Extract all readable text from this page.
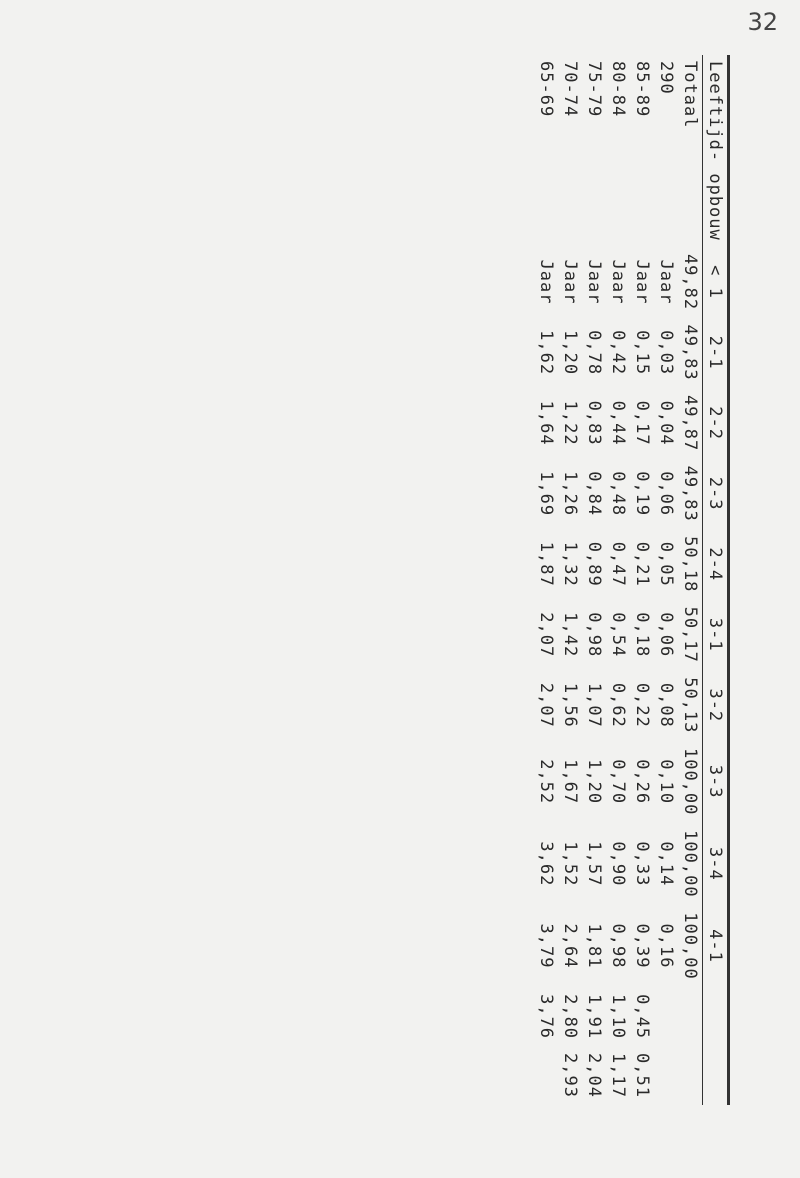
32
Leeftijd- opbouw	< 1	2-1	2-2	2-3	2-4	3-1	3-2	3-3	3-4	4-1		
Totaal	49,82	49,83	49,87	49,83	50,18	50,17	50,13	100,00	100,00	100,00		
290	Jaar	0,03	0,04	0,06	0,05	0,06	0,08	0,10	0,14	0,16		
85-89	Jaar	0,15	0,17	0,19	0,21	0,18	0,22	0,26	0,33	0,39	0,45	0,51
80-84	Jaar	0,42	0,44	0,48	0,47	0,54	0,62	0,70	0,90	0,98	1,10	1,17
75-79	Jaar	0,78	0,83	0,84	0,89	0,98	1,07	1,20	1,57	1,81	1,91	2,04
70-74	Jaar	1,20	1,22	1,26	1,32	1,42	1,56	1,67	1,52	2,64	2,80	2,93
65-69	Jaar	1,62	1,64	1,69	1,87	2,07	2,07	2,52	3,62	3,79	3,76	
